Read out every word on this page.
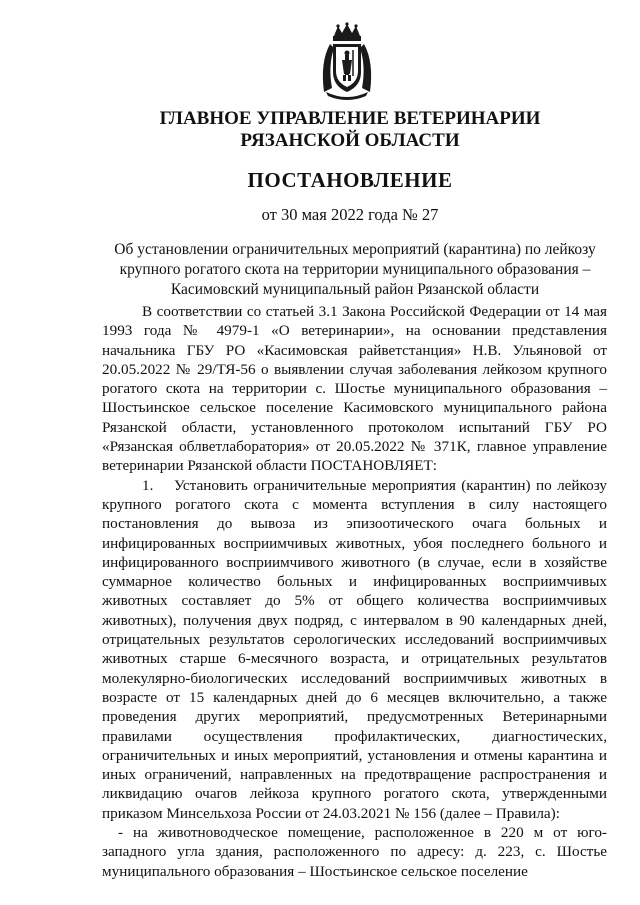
ГЛАВНОЕ УПРАВЛЕНИЕ ВЕТЕРИНАРИИ
РЯЗАНСКОЙ ОБЛАСТИ
ПОСТАНОВЛЕНИЕ
от 30 мая 2022 года № 27
Об установлении ограничительных мероприятий (карантина) по лейкозу крупного рогатого скота на территории муниципального образования – Касимовский муниципальный район Рязанской области

В соответствии со статьей 3.1 Закона Российской Федерации от 14 мая 1993 года № 4979-1 «О ветеринарии», на основании представления начальника ГБУ РО «Касимовская райветстанция» Н.В. Ульяновой от 20.05.2022 № 29/ТЯ-56 о выявлении случая заболевания лейкозом крупного рогатого скота на территории с. Шостье муниципального образования – Шостьинское сельское поселение Касимовского муниципального района Рязанской области, установленного протоколом испытаний ГБУ РО «Рязанская облветлаборатория» от 20.05.2022 № 371К, главное управление ветеринарии Рязанской области ПОСТАНОВЛЯЕТ:

1. Установить ограничительные мероприятия (карантин) по лейкозу крупного рогатого скота с момента вступления в силу настоящего постановления до вывоза из эпизоотического очага больных и инфицированных восприимчивых животных, убоя последнего больного и инфицированного восприимчивого животного (в случае, если в хозяйстве суммарное количество больных и инфицированных восприимчивых животных составляет до 5% от общего количества восприимчивых животных), получения двух подряд, с интервалом в 90 календарных дней, отрицательных результатов серологических исследований восприимчивых животных старше 6-месячного возраста, и отрицательных результатов молекулярно-биологических исследований восприимчивых животных в возрасте от 15 календарных дней до 6 месяцев включительно, а также проведения других мероприятий, предусмотренных Ветеринарными правилами осуществления профилактических, диагностических, ограничительных и иных мероприятий, установления и отмены карантина и иных ограничений, направленных на предотвращение распространения и ликвидацию очагов лейкоза крупного рогатого скота, утвержденными приказом Минсельхоза России от 24.03.2021 № 156 (далее – Правила):

- на животноводческое помещение, расположенное в 220 м от юго-западного угла здания, расположенного по адресу: д. 223, с. Шостье муниципального образования – Шостьинское сельское поселение
